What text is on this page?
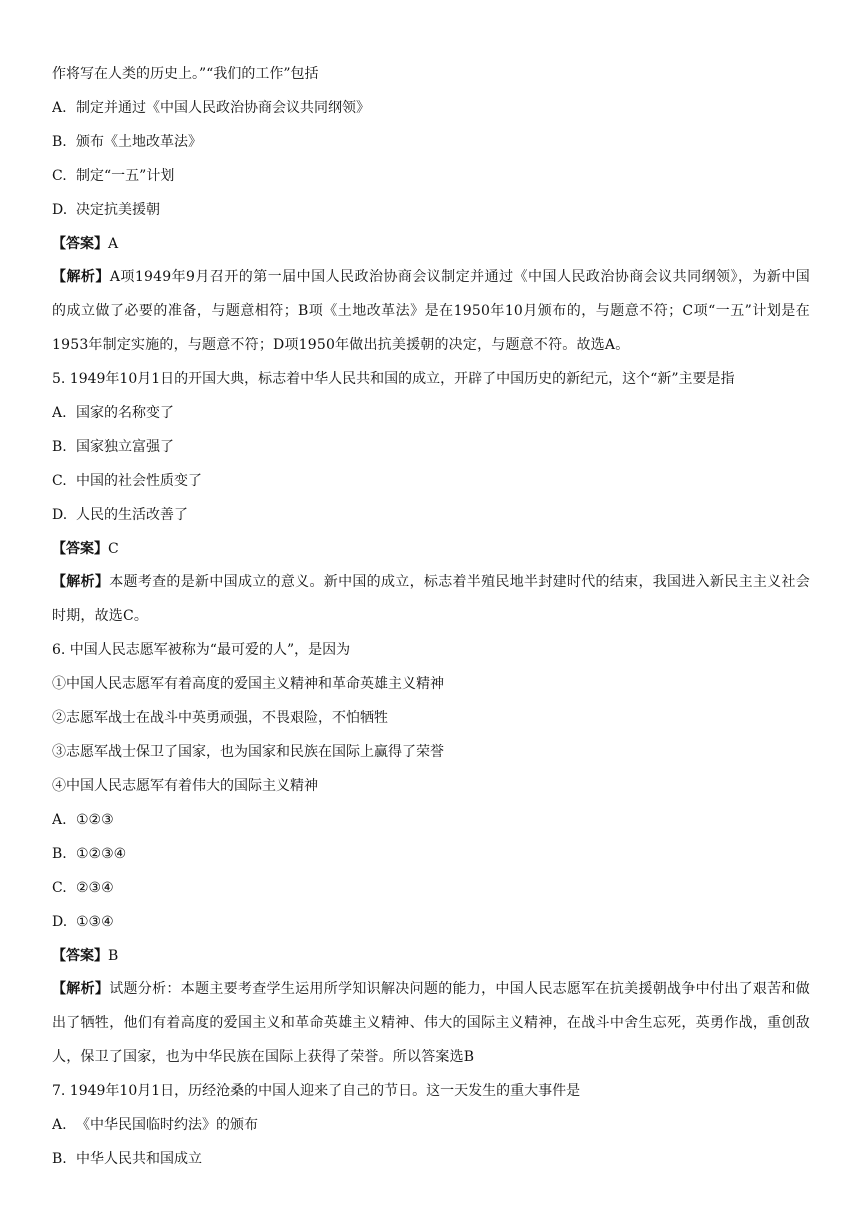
作将写在人类的历史上。”“我们的工作”包括
A. 制定并通过《中国人民政治协商会议共同纲领》
B. 颁布《土地改革法》
C. 制定“一五”计划
D. 决定抗美援朝
【答案】A
【解析】A项1949年9月召开的第一届中国人民政治协商会议制定并通过《中国人民政治协商会议共同纲领》，为新中国的成立做了必要的准备，与题意相符；B项《土地改革法》是在1950年10月颁布的，与题意不符；C项“一五”计划是在1953年制定实施的，与题意不符；D项1950年做出抗美援朝的决定，与题意不符。故选A。
5. 1949年10月1日的开国大典，标志着中华人民共和国的成立，开辟了中国历史的新纪元，这个“新”主要是指
A. 国家的名称变了
B. 国家独立富强了
C. 中国的社会性质变了
D. 人民的生活改善了
【答案】C
【解析】本题考查的是新中国成立的意义。新中国的成立，标志着半殖民地半封建时代的结束，我国进入新民主主义社会时期，故选C。
6. 中国人民志愿军被称为“最可爱的人”，是因为
①中国人民志愿军有着高度的爱国主义精神和革命英雄主义精神
②志愿军战士在战斗中英勇顽强，不畏艰险，不怕牺牲
③志愿军战士保卫了国家，也为国家和民族在国际上赢得了荣誉
④中国人民志愿军有着伟大的国际主义精神
A. ①②③
B. ①②③④
C. ②③④
D. ①③④
【答案】B
【解析】试题分析：本题主要考查学生运用所学知识解决问题的能力，中国人民志愿军在抗美援朝战争中付出了艰苦和做出了牺牲，他们有着高度的爱国主义和革命英雄主义精神、伟大的国际主义精神，在战斗中舍生忘死，英勇作战，重创敌人，保卫了国家，也为中华民族在国际上获得了荣誉。所以答案选B
7. 1949年10月1日，历经沧桑的中国人迎来了自己的节日。这一天发生的重大事件是
A. 《中华民国临时约法》的颁布
B. 中华人民共和国成立
